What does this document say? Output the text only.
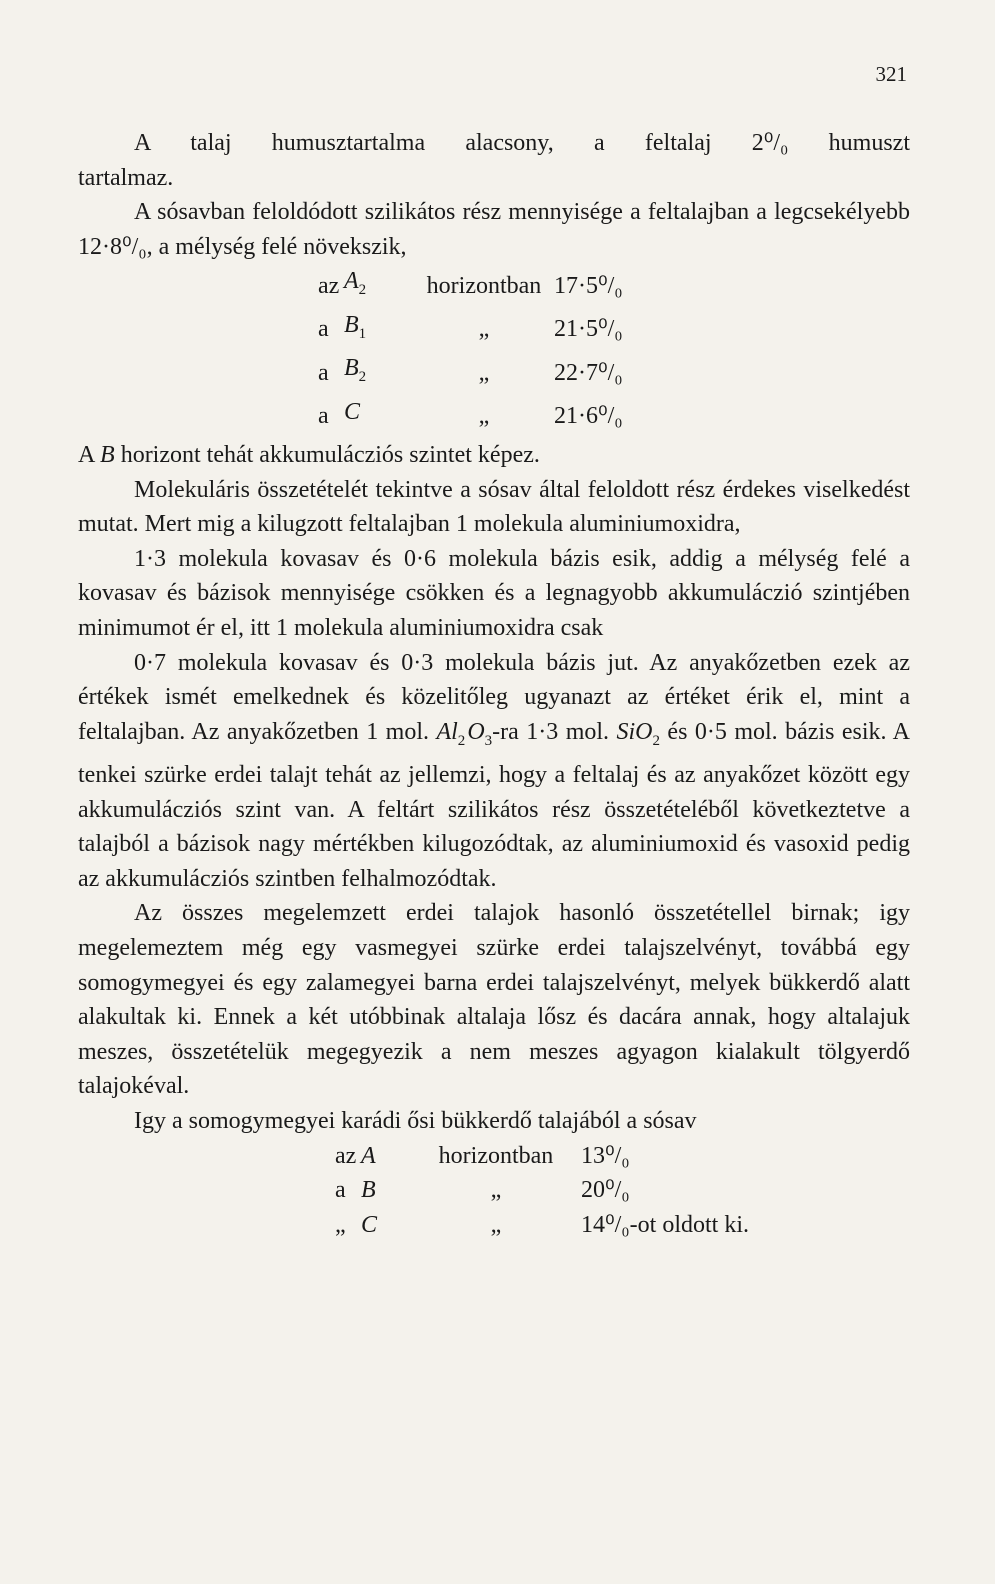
321

A talaj humusztartalma alacsony, a feltalaj 2⁰/₀ humuszt

tartalmaz.

A sósavban feloldódott szilikátos rész mennyisége a feltalajban a legcsekélyebb 12·8⁰/₀, a mélység felé növekszik,

az	$A_2$	horizontban	17·5⁰/₀
a	$B_1$	„	21·5⁰/₀
a	$B_2$	„	22·7⁰/₀
a	C	„	21·6⁰/₀

A B horizont tehát akkumulácziós szintet képez.

Molekuláris összetételét tekintve a sósav által feloldott rész érdekes viselkedést mutat. Mert mig a kilugzott feltalajban 1 molekula aluminiumoxidra,

1·3 molekula kovasav és 0·6 molekula bázis esik, addig a mélység felé a kovasav és bázisok mennyisége csökken és a legnagyobb akkumuláczió szintjében minimumot ér el, itt 1 molekula aluminiumoxidra csak

0·7 molekula kovasav és 0·3 molekula bázis jut. Az anyakőzetben ezek az értékek ismét emelkednek és közelitőleg ugyanazt az értéket érik el, mint a feltalajban. Az anyakőzetben 1 mol. $Al_2$ $O_3-ra$ 1·3 mol. SiO$_2$ és 0·5 mol. bázis esik. A tenkei szürke erdei talajt tehát az jellemzi, hogy a feltalaj és az anyakőzet között egy akkumulácziós szint van. A feltárt szilikátos rész összetételéből következtetve a talajból a bázisok nagy mértékben kilugozódtak, az aluminiumoxid és vasoxid pedig az akkumulácziós szintben felhalmozódtak.

Az összes megelemzett erdei talajok hasonló összetétellel birnak; igy megelemeztem még egy vasmegyei szürke erdei talajszelvényt, továbbá egy somogymegyei és egy zalamegyei barna erdei talajszelvényt, melyek bükkerdő alatt alakultak ki. Ennek a két utóbbinak altalaja lősz és dacára annak, hogy altalajuk meszes, összetételük megegyezik a nem meszes agyagon kialakult tölgyerdő talajokéval.

Igy a somogymegyei karádi ősi bükkerdő talajából a sósav

az	A	horizontban	13⁰/₀
a	B	„	20⁰/₀
„	C	„	14⁰/₀-ot oldott ki.
